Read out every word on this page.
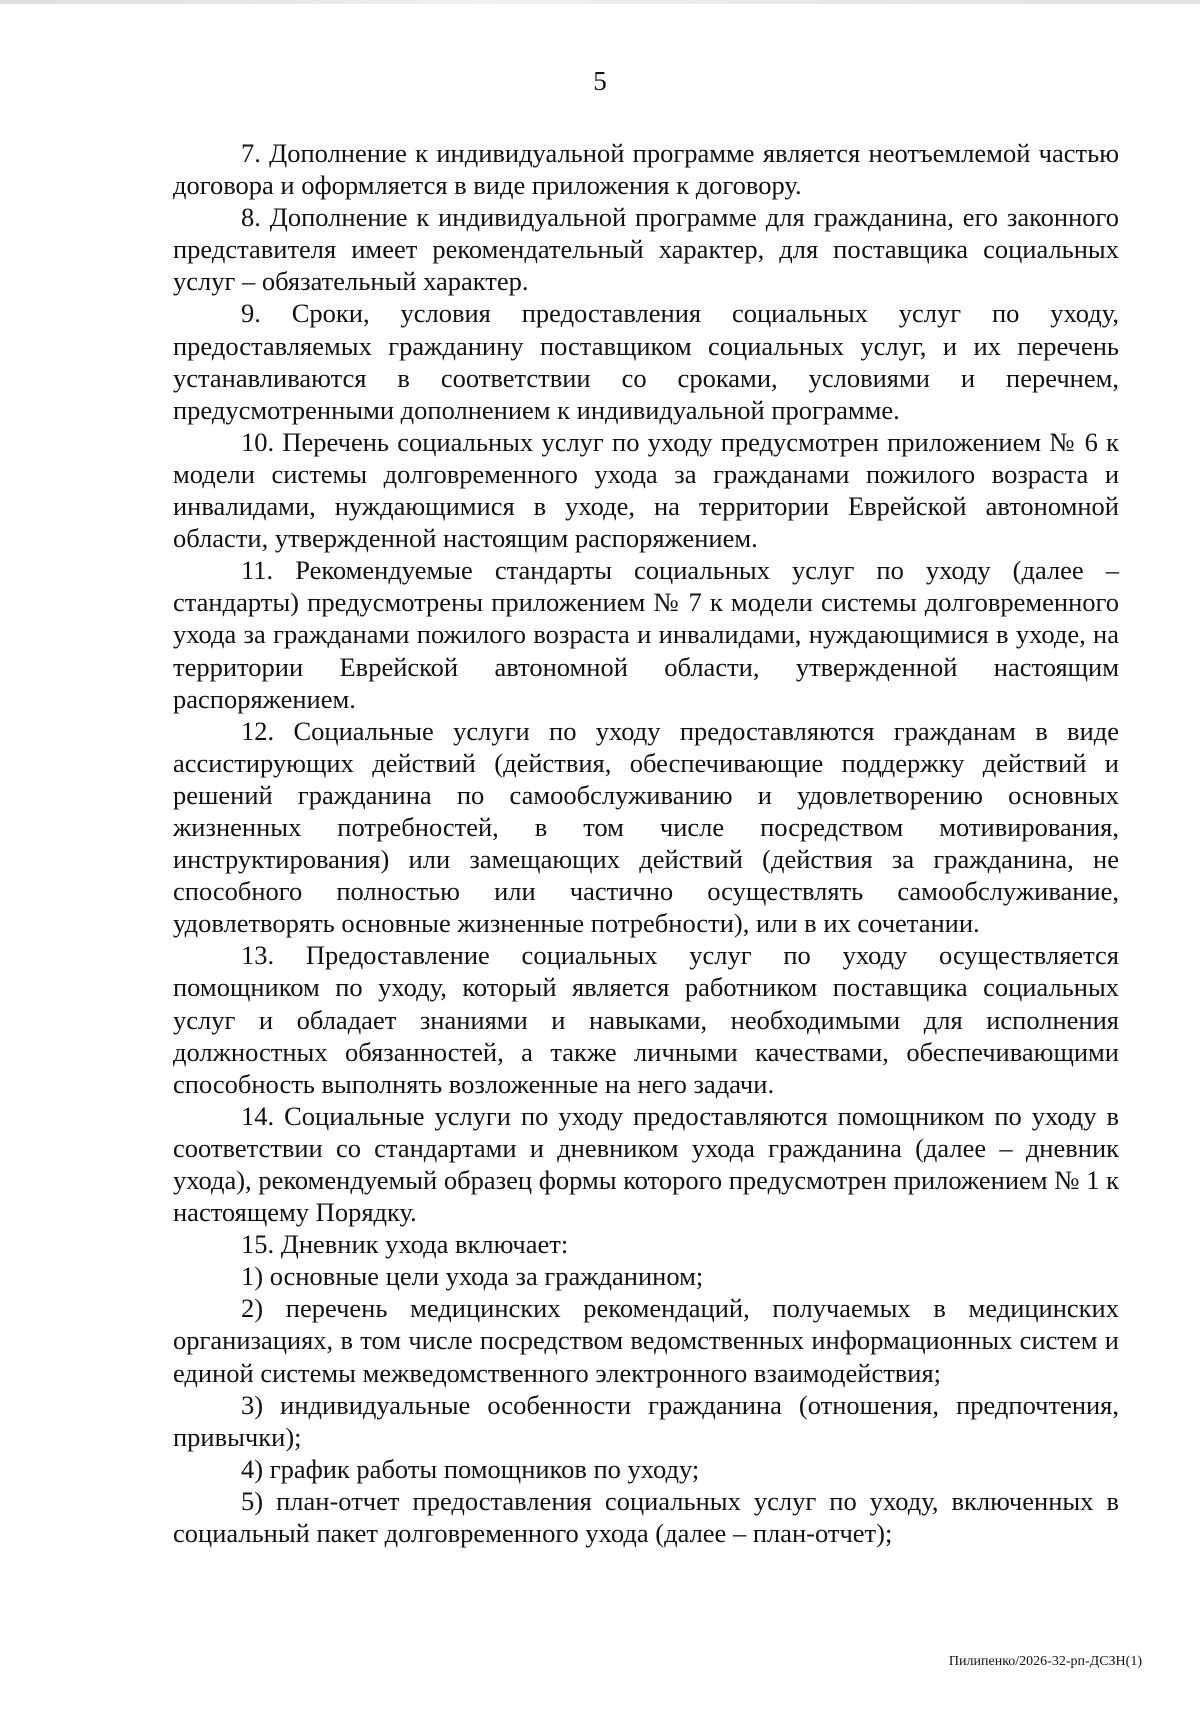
5

7. Дополнение к индивидуальной программе является неотъемлемой частью договора и оформляется в виде приложения к договору.

8. Дополнение к индивидуальной программе для гражданина, его законного представителя имеет рекомендательный характер, для поставщика социальных услуг – обязательный характер.

9. Сроки, условия предоставления социальных услуг по уходу, предоставляемых гражданину поставщиком социальных услуг, и их перечень устанавливаются в соответствии со сроками, условиями и перечнем, предусмотренными дополнением к индивидуальной программе.

10. Перечень социальных услуг по уходу предусмотрен приложением № 6 к модели системы долговременного ухода за гражданами пожилого возраста и инвалидами, нуждающимися в уходе, на территории Еврейской автономной области, утвержденной настоящим распоряжением.

11. Рекомендуемые стандарты социальных услуг по уходу (далее – стандарты) предусмотрены приложением № 7 к модели системы долговременного ухода за гражданами пожилого возраста и инвалидами, нуждающимися в уходе, на территории Еврейской автономной области, утвержденной настоящим распоряжением.

12. Социальные услуги по уходу предоставляются гражданам в виде ассистирующих действий (действия, обеспечивающие поддержку действий и решений гражданина по самообслуживанию и удовлетворению основных жизненных потребностей, в том числе посредством мотивирования, инструктирования) или замещающих действий (действия за гражданина, не способного полностью или частично осуществлять самообслуживание, удовлетворять основные жизненные потребности), или в их сочетании.

13. Предоставление социальных услуг по уходу осуществляется помощником по уходу, который является работником поставщика социальных услуг и обладает знаниями и навыками, необходимыми для исполнения должностных обязанностей, а также личными качествами, обеспечивающими способность выполнять возложенные на него задачи.

14. Социальные услуги по уходу предоставляются помощником по уходу в соответствии со стандартами и дневником ухода гражданина (далее – дневник ухода), рекомендуемый образец формы которого предусмотрен приложением № 1 к настоящему Порядку.

15. Дневник ухода включает:

1) основные цели ухода за гражданином;

2) перечень медицинских рекомендаций, получаемых в медицинских организациях, в том числе посредством ведомственных информационных систем и единой системы межведомственного электронного взаимодействия;

3) индивидуальные особенности гражданина (отношения, предпочтения, привычки);

4) график работы помощников по уходу;

5) план-отчет предоставления социальных услуг по уходу, включенных в социальный пакет долговременного ухода (далее – план-отчет);

Пилипенко/2026-32-рп-ДСЗН(1)
